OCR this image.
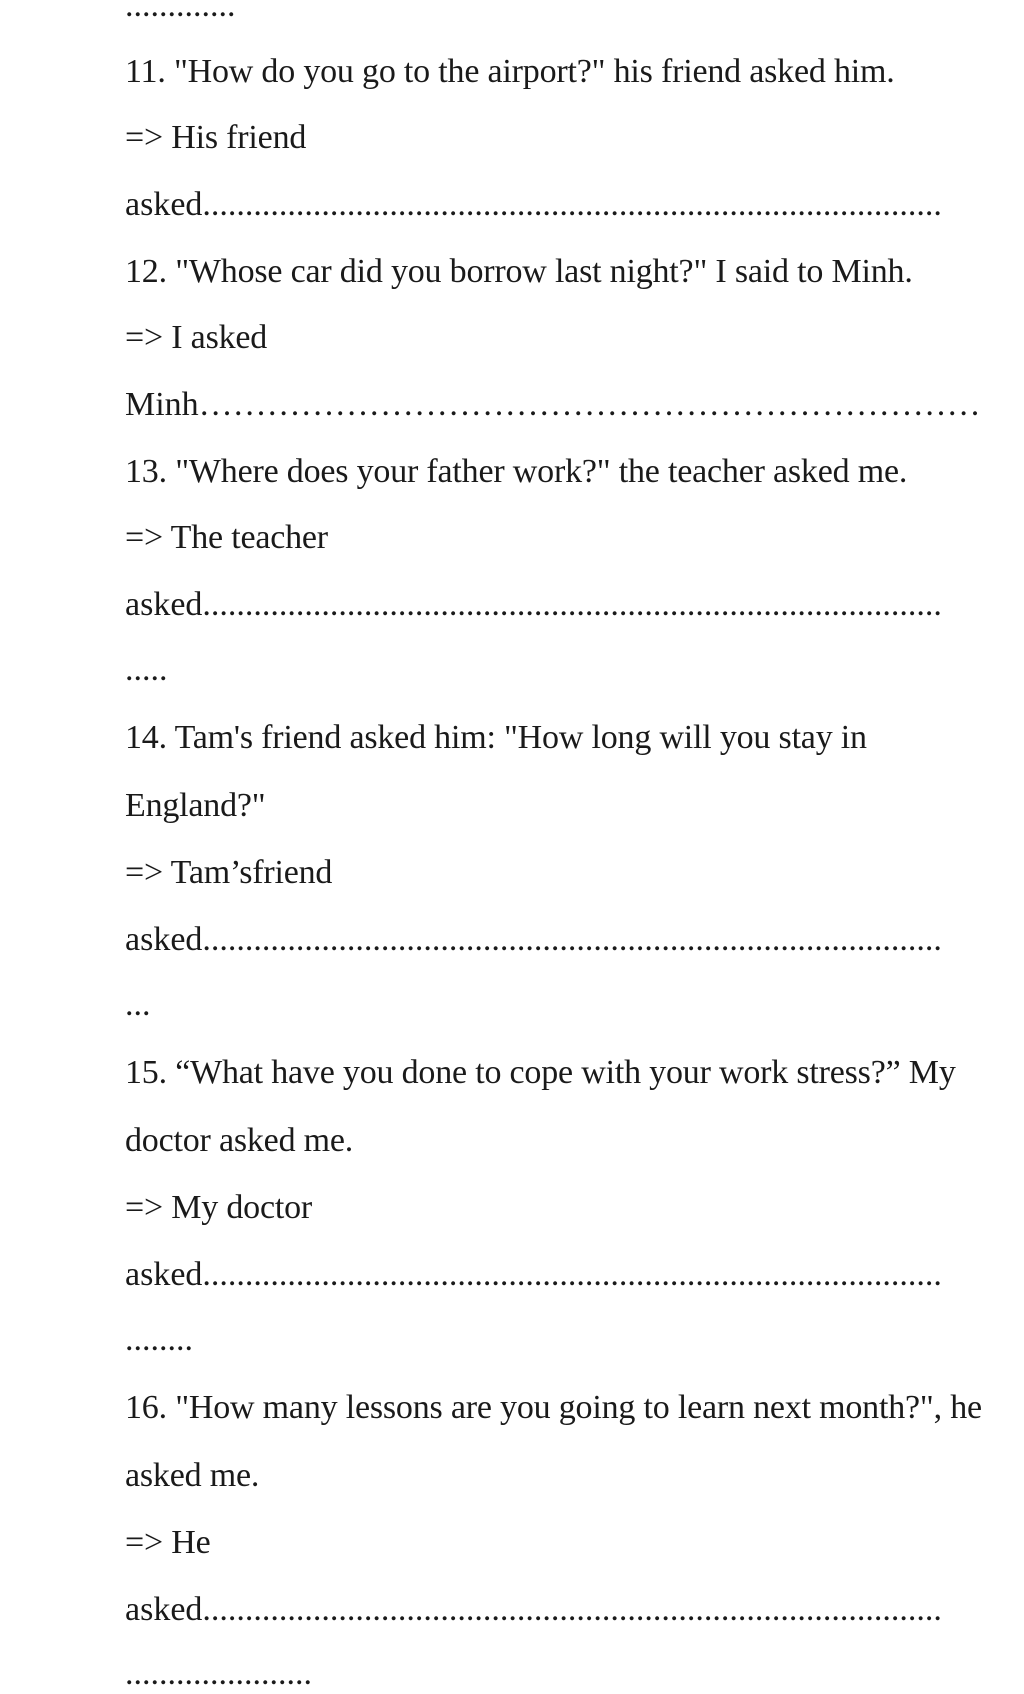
.............
11. "How do you go to the airport?" his friend asked him.
=> His friend
asked.......................................................................................
12. "Whose car did you borrow last night?" I said to Minh.
=> I asked
Minh……………………………………………………………
13. "Where does your father work?" the teacher asked me.
=> The teacher
asked.......................................................................................
.....
14. Tam's friend asked him: "How long will you stay in
England?"
=> Tam’sfriend
asked.......................................................................................
...
15. “What have you done to cope with your work stress?” My
doctor asked me.
=> My doctor
asked.......................................................................................
........
16. "How many lessons are you going to learn next month?", he
asked me.
=> He
asked.......................................................................................
......................
